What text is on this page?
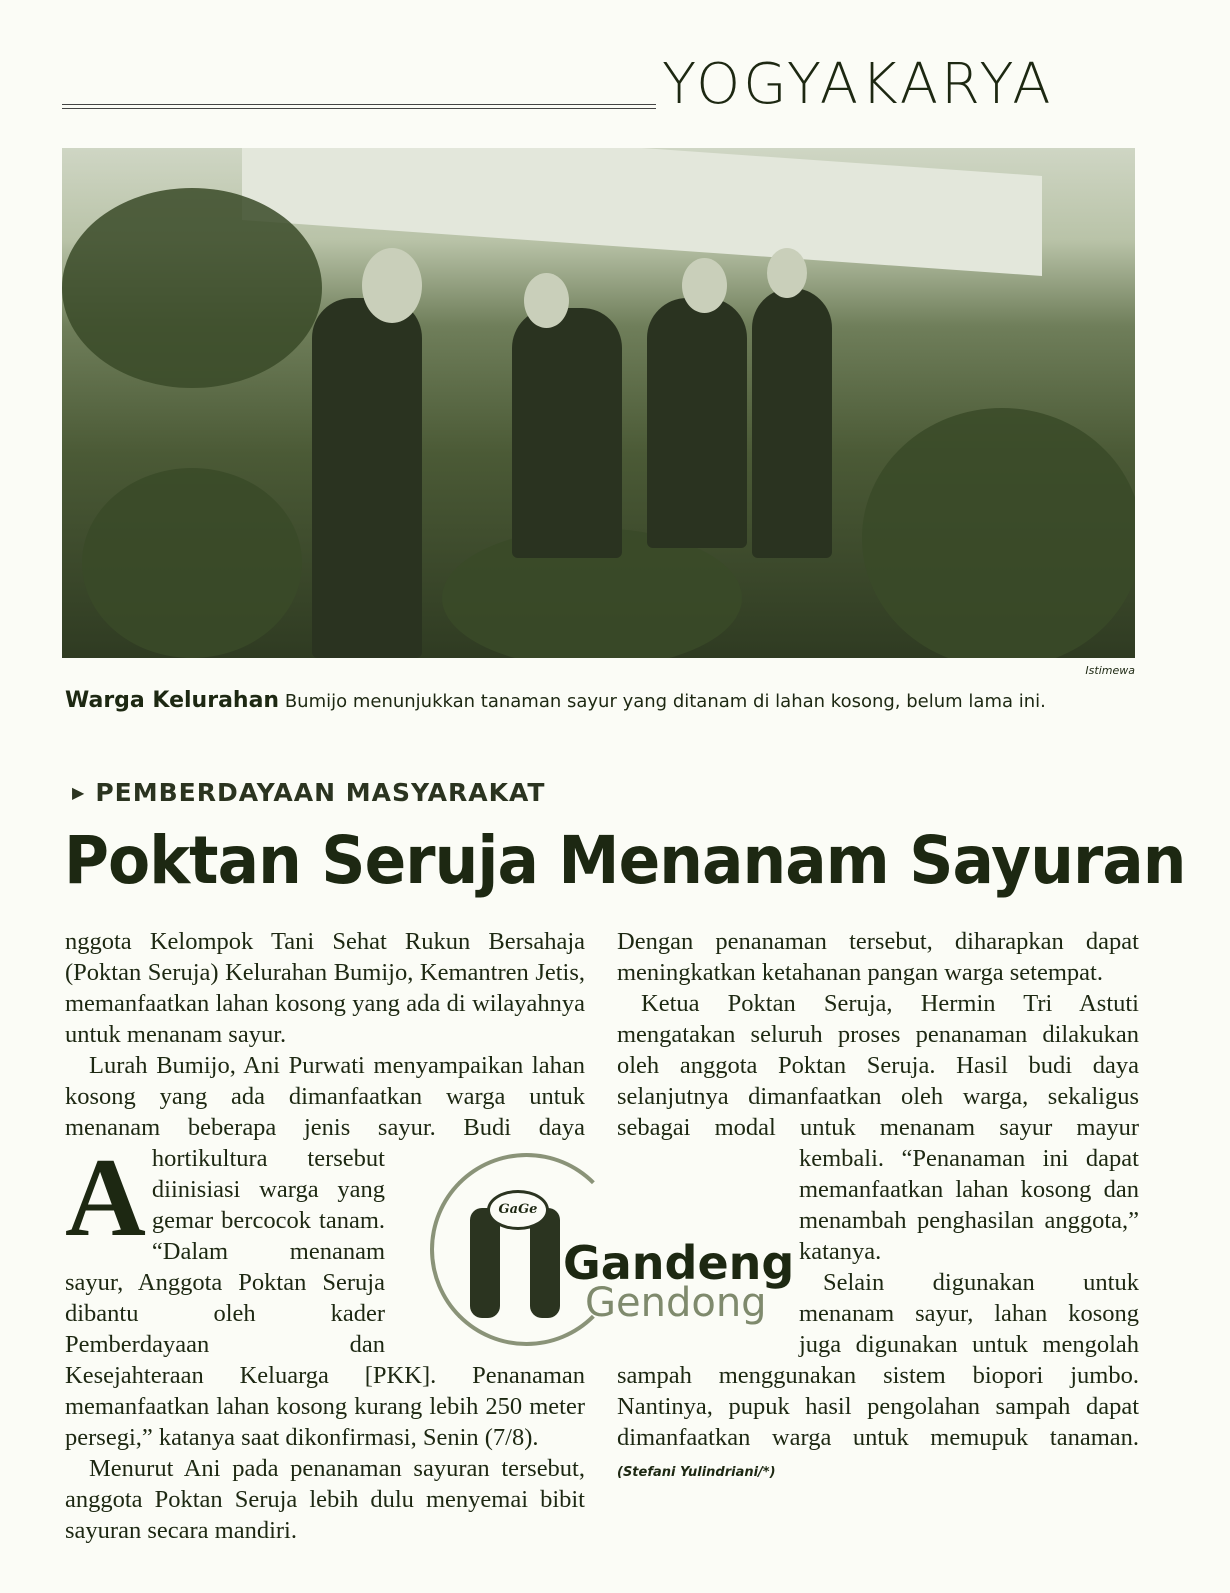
YOGYAKARYA
Istimewa
Warga Kelurahan Bumijo menunjukkan tanaman sayur yang ditanam di lahan kosong, belum lama ini.
▶ PEMBERDAYAAN MASYARAKAT
Poktan Seruja Menanam Sayuran

A
nggota Kelompok Tani Sehat Rukun Bersahaja (Poktan Seruja) Kelurahan Bumijo, Kemantren Jetis, memanfaatkan lahan kosong yang ada di wilayahnya untuk menanam sayur.

Lurah Bumijo, Ani Purwati menyampaikan lahan kosong yang ada dimanfaatkan warga untuk menanam beberapa jenis sayur. Budi daya hortikultura tersebut diinisiasi warga yang gemar bercocok tanam. “Dalam menanam sayur, Anggota Poktan Seruja dibantu oleh kader Pemberdayaan dan Kesejahteraan Keluarga [PKK]. Penanaman memanfaatkan lahan kosong kurang lebih 250 meter persegi,” katanya saat dikonfirmasi, Senin (7/8).

Menurut Ani pada penanaman sayuran tersebut, anggota Poktan Seruja lebih dulu menyemai bibit sayuran secara mandiri.

Dengan penanaman tersebut, diharapkan dapat meningkatkan ketahanan pangan warga setempat.

Ketua Poktan Seruja, Hermin Tri Astuti mengatakan seluruh proses penanaman dilakukan oleh anggota Poktan Seruja. Hasil budi daya selanjutnya dimanfaatkan oleh warga, sekaligus sebagai modal untuk menanam sayur mayur kembali. “Penanaman ini dapat memanfaatkan lahan kosong dan menambah penghasilan anggota,” katanya.

Selain digunakan untuk menanam sayur, lahan kosong juga digunakan untuk mengolah sampah menggunakan sistem biopori jumbo. Nantinya, pupuk hasil pengolahan sampah dapat dimanfaatkan warga untuk memupuk tanaman. (Stefani Yulindriani/*)

GaGe
Gandeng
Gendong
